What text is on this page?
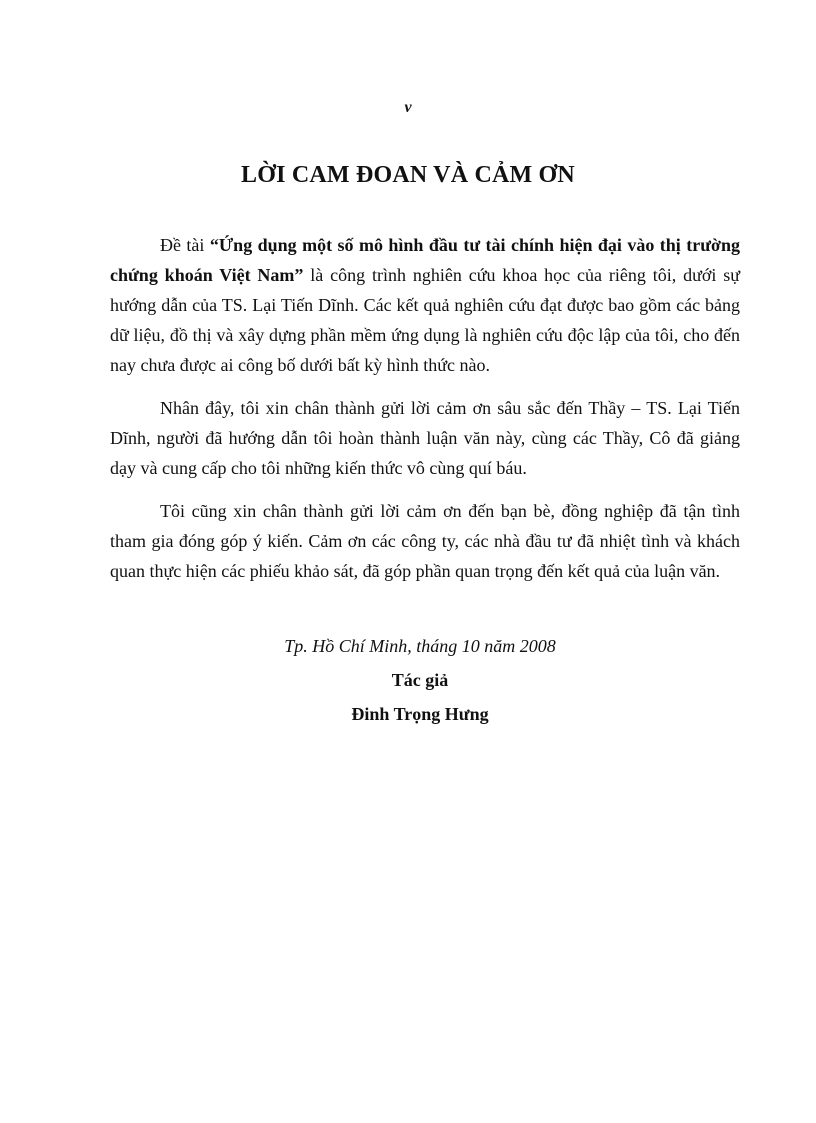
v
LỜI CAM ĐOAN VÀ CẢM ƠN

Đề tài “Ứng dụng một số mô hình đầu tư tài chính hiện đại vào thị trường chứng khoán Việt Nam” là công trình nghiên cứu khoa học của riêng tôi, dưới sự hướng dẫn của TS. Lại Tiến Dĩnh. Các kết quả nghiên cứu đạt được bao gồm các bảng dữ liệu, đồ thị và xây dựng phần mềm ứng dụng là nghiên cứu độc lập của tôi, cho đến nay chưa được ai công bố dưới bất kỳ hình thức nào.

Nhân đây, tôi xin chân thành gửi lời cảm ơn sâu sắc đến Thầy – TS. Lại Tiến Dĩnh, người đã hướng dẫn tôi hoàn thành luận văn này, cùng các Thầy, Cô đã giảng dạy và cung cấp cho tôi những kiến thức vô cùng quí báu.

Tôi cũng xin chân thành gửi lời cảm ơn đến bạn bè, đồng nghiệp đã tận tình tham gia đóng góp ý kiến. Cảm ơn các công ty, các nhà đầu tư đã nhiệt tình và khách quan thực hiện các phiếu khảo sát, đã góp phần quan trọng đến kết quả của luận văn.

Tp. Hồ Chí Minh, tháng 10 năm 2008
Tác giả
Đinh Trọng Hưng
